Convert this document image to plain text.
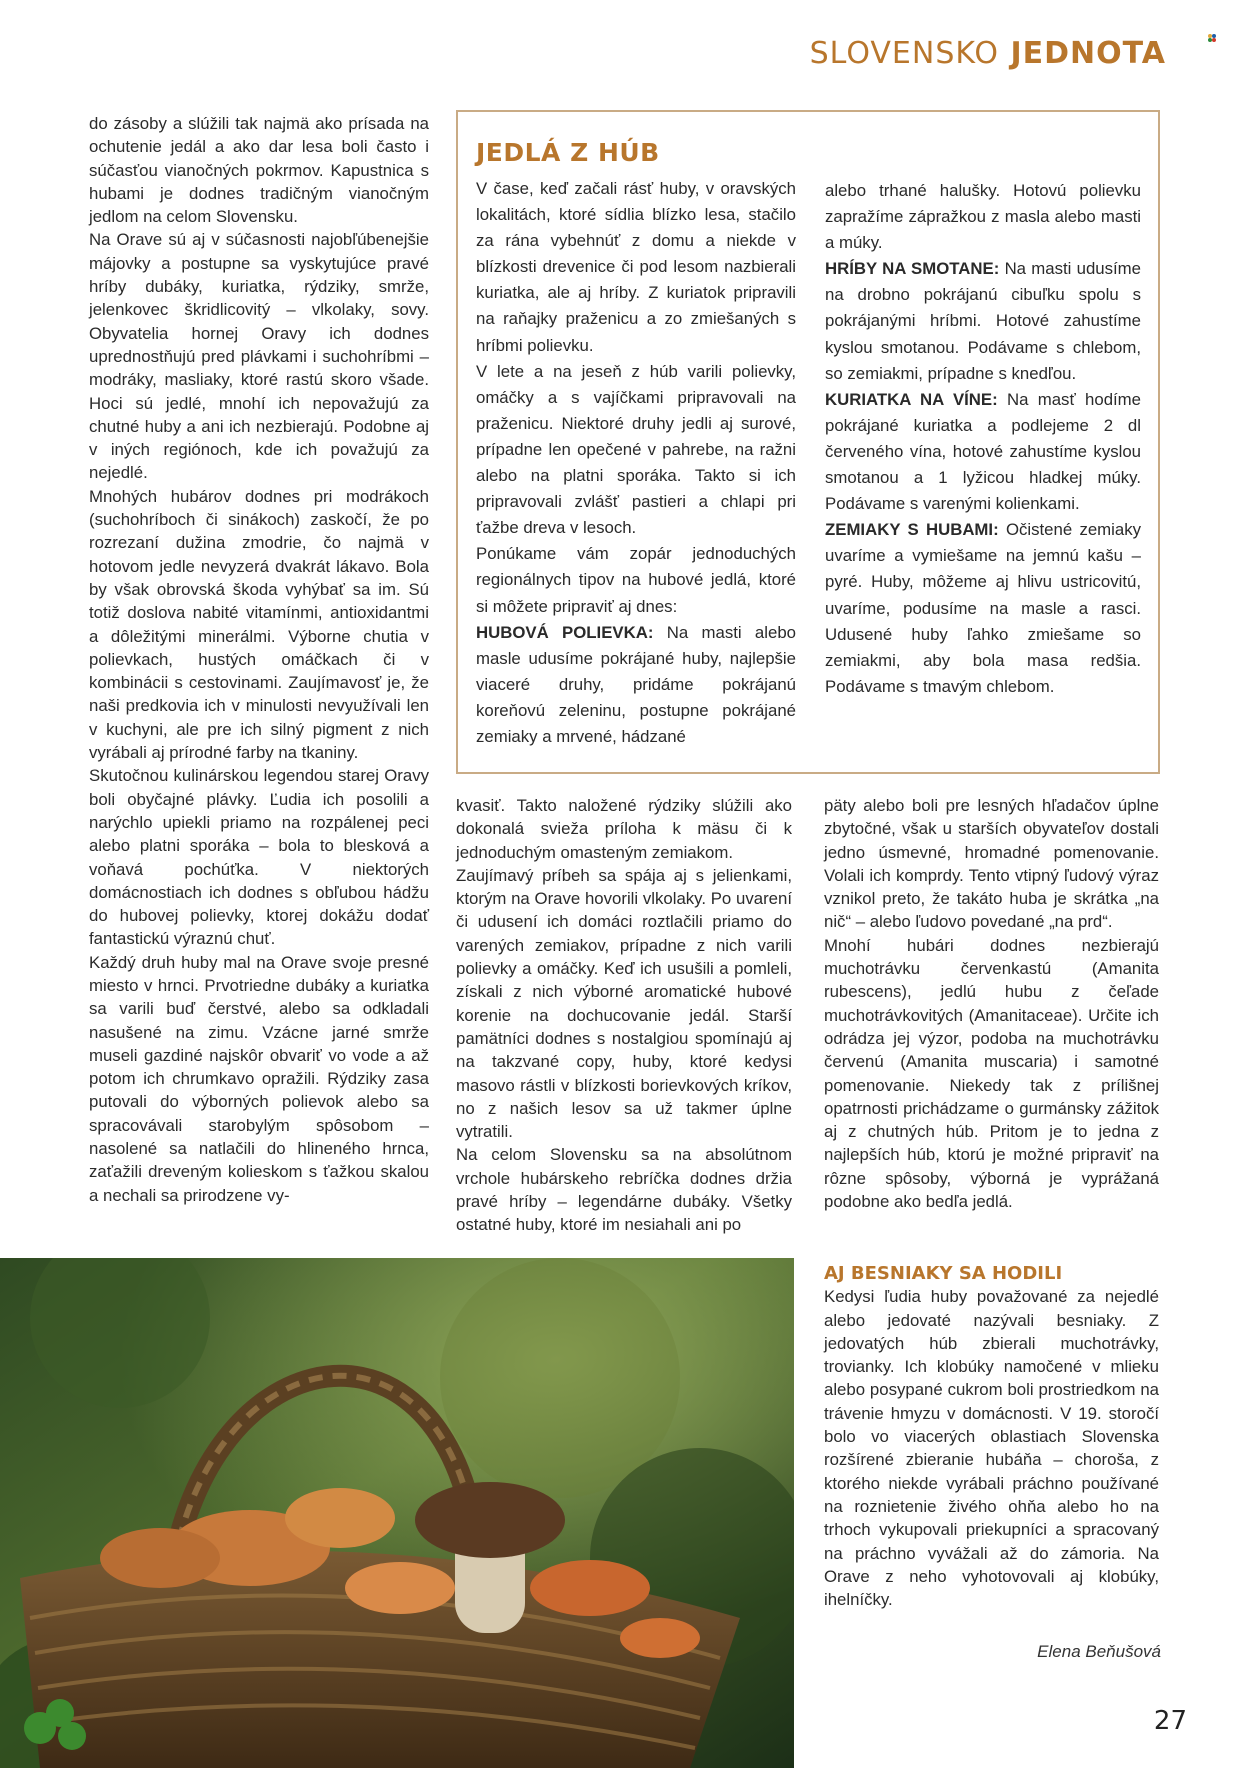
SLOVENSKO JEDNOTA

do zásoby a slúžili tak najmä ako prísada na ochutenie jedál a ako dar lesa boli často i súčasťou vianočných pokrmov. Kapustnica s hubami je dodnes tradičným vianočným jedlom na celom Slovensku.

Na Orave sú aj v súčasnosti najobľúbenejšie májovky a postupne sa vyskytujúce pravé hríby dubáky, kuriatka, rýdziky, smrže, jelenkovec škridlicovitý – vlkolaky, sovy. Obyvatelia hornej Oravy ich dodnes uprednostňujú pred plávkami i suchohríbmi – modráky, masliaky, ktoré rastú skoro všade. Hoci sú jedlé, mnohí ich nepovažujú za chutné huby a ani ich nezbierajú. Podobne aj v iných regiónoch, kde ich považujú za nejedlé.

Mnohých hubárov dodnes pri modrákoch (suchohríboch či sinákoch) zaskočí, že po rozrezaní dužina zmodrie, čo najmä v hotovom jedle nevyzerá dvakrát lákavo. Bola by však obrovská škoda vyhýbať sa im. Sú totiž doslova nabité vitamínmi, antioxidantmi a dôležitými minerálmi. Výborne chutia v polievkach, hustých omáčkach či v kombinácii s cestovinami. Zaujímavosť je, že naši predkovia ich v minulosti nevyužívali len v kuchyni, ale pre ich silný pigment z nich vyrábali aj prírodné farby na tkaniny.

Skutočnou kulinárskou legendou starej Oravy boli obyčajné plávky. Ľudia ich posolili a narýchlo upiekli priamo na rozpálenej peci alebo platni sporáka – bola to blesková a voňavá pochúťka. V niektorých domácnostiach ich dodnes s obľubou hádžu do hubovej polievky, ktorej dokážu dodať fantastickú výraznú chuť.

Každý druh huby mal na Orave svoje presné miesto v hrnci. Prvotriedne dubáky a kuriatka sa varili buď čerstvé, alebo sa odkladali nasušené na zimu. Vzácne jarné smrže museli gazdiné najskôr obvariť vo vode a až potom ich chrumkavo opražili. Rýdziky zasa putovali do výborných polievok alebo sa spracovávali starobylým spôsobom – nasolené sa natlačili do hlineného hrnca, zaťažili dreveným kolieskom s ťažkou skalou a nechali sa prirodzene vy-

JEDLÁ Z HÚB

V čase, keď začali rásť huby, v oravských lokalitách, ktoré sídlia blízko lesa, stačilo za rána vybehnúť z domu a niekde v blízkosti drevenice či pod lesom nazbierali kuriatka, ale aj hríby. Z kuriatok pripravili na raňajky praženicu a zo zmiešaných s hríbmi polievku.

V lete a na jeseň z húb varili polievky, omáčky a s vajíčkami pripravovali na praženicu. Niektoré druhy jedli aj surové, prípadne len opečené v pahrebe, na ražni alebo na platni sporáka. Takto si ich pripravovali zvlášť pastieri a chlapi pri ťažbe dreva v lesoch.

Ponúkame vám zopár jednoduchých regionálnych tipov na hubové jedlá, ktoré si môžete pripraviť aj dnes:

HUBOVÁ POLIEVKA: Na masti alebo masle udusíme pokrájané huby, najlepšie viaceré druhy, pridáme pokrájanú koreňovú zeleninu, postupne pokrájané zemiaky a mrvené, hádzané

alebo trhané halušky. Hotovú polievku zapražíme zápražkou z masla alebo masti a múky.

HRÍBY NA SMOTANE: Na masti udusíme na drobno pokrájanú cibuľku spolu s pokrájanými hríbmi. Hotové zahustíme kyslou smotanou. Podávame s chlebom, so zemiakmi, prípadne s knedľou.

KURIATKA NA VÍNE: Na masť hodíme pokrájané kuriatka a podlejeme 2 dl červeného vína, hotové zahustíme kyslou smotanou a 1 lyžicou hladkej múky. Podávame s varenými kolienkami.

ZEMIAKY S HUBAMI: Očistené zemiaky uvaríme a vymiešame na jemnú kašu – pyré. Huby, môžeme aj hlivu ustricovitú, uvaríme, podusíme na masle a rasci. Udusené huby ľahko zmiešame so zemiakmi, aby bola masa redšia. Podávame s tmavým chlebom.

kvasiť. Takto naložené rýdziky slúžili ako dokonalá svieža príloha k mäsu či k jednoduchým omasteným zemiakom.

Zaujímavý príbeh sa spája aj s jelienkami, ktorým na Orave hovorili vlkolaky. Po uvarení či udusení ich domáci roztlačili priamo do varených zemiakov, prípadne z nich varili polievky a omáčky. Keď ich usušili a pomleli, získali z nich výborné aromatické hubové korenie na dochucovanie jedál. Starší pamätníci dodnes s nostalgiou spomínajú aj na takzvané copy, huby, ktoré kedysi masovo rástli v blízkosti borievkových kríkov, no z našich lesov sa už takmer úplne vytratili.

Na celom Slovensku sa na absolútnom vrchole hubárskeho rebríčka dodnes držia pravé hríby – legendárne dubáky. Všetky ostatné huby, ktoré im nesiahali ani po

päty alebo boli pre lesných hľadačov úplne zbytočné, však u starších obyvateľov dostali jedno úsmevné, hromadné pomenovanie. Volali ich komprdy. Tento vtipný ľudový výraz vznikol preto, že takáto huba je skrátka „na nič“ – alebo ľudovo povedané „na prd“.

Mnohí hubári dodnes nezbierajú muchotrávku červenkastú (Amanita rubescens), jedlú hubu z čeľade muchotrávkovitých (Amanitaceae). Určite ich odrádza jej výzor, podoba na muchotrávku červenú (Amanita muscaria) i samotné pomenovanie. Niekedy tak z prílišnej opatrnosti prichádzame o gurmánsky zážitok aj z chutných húb. Pritom je to jedna z najlepších húb, ktorú je možné pripraviť na rôzne spôsoby, výborná je vyprážaná podobne ako bedľa jedlá.

AJ BESNIAKY SA HODILI

Kedysi ľudia huby považované za nejedlé alebo jedovaté nazývali besniaky. Z jedovatých húb zbierali muchotrávky, trovianky. Ich klobúky namočené v mlieku alebo posypané cukrom boli prostriedkom na trávenie hmyzu v domácnosti. V 19. storočí bolo vo viacerých oblastiach Slovenska rozšírené zbieranie hubáňa – choroša, z ktorého niekde vyrábali práchno používané na roznietenie živého ohňa alebo ho na trhoch vykupovali priekupníci a spracovaný na práchno vyvážali až do zámoria. Na Orave z neho vyhotovovali aj klobúky, ihelníčky.

Elena Beňušová
27
